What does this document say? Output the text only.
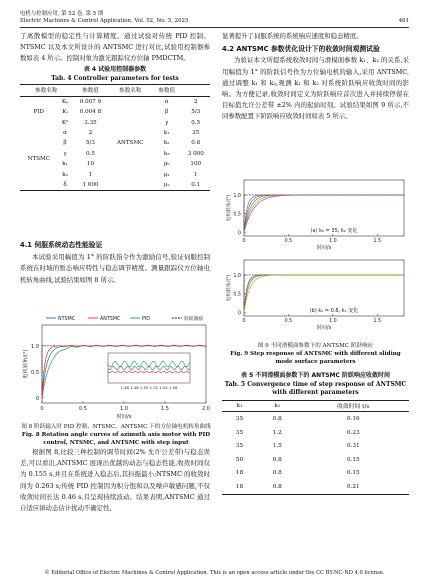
电机与控制应用, 第 52 卷, 第 5 期
Electric Machines & Control Application, Vol. 52, No. 5, 2025	461

了离散模型的稳定性与计算精度。通过试验对传统 PID 控制、NTSMC 以及本文所设计的 ANTSMC 进行对比,试验用控制器参数如表 4 所示。控制对象为激光跟踪仪方位轴 PMDCTM。

表 4 试验用控制器参数
Tab. 4 Controller parameters for tests
参数名称		参数值	参数名称	参数值	
PID	Kₚ	0.007 9	ANTSMC	α	2
	Kᵢ	0.004 8		β	5/3
	Kᵈ	3.35		γ	0.5
NTSMC	α	2		k₁	35
	β	5/3		k₂	0.8
	γ	0.5		k₃	3 000
	k₁	10		μ₀	100
	k₂	1		μ₁	1
	δ	1 000		μ₂	0.1
4.1 伺服系统动态性能验证

本试验采用幅值为 1° 的阶跃指令作为激励信号,验证伺服控制系统在时域的暂态响应特性与稳态调节精度。测量跟踪仪方位轴电机转角曲线,试验结果如图 8 所示。

NTSMC	ANTSMC	PID	阶跃激励
0	0.5	1.0	1.5	2.0
0
0.5
1.0
时间/s
电机转角/(°)
1.46 1.48 1.50 1.52 1.54 1.56
图 8 阶跃输入时 PID 控制、NTSMC、ANTSMC 下的方位轴电机转角曲线
Fig. 8 Rotation angle curves of azimuth axis motor with PID control, NTSMC, and ANTSMC with step input

根据图 8,比较三种控制的调节时间(2% 允许公差带)与稳态误差,可以看出,ANTSMC 展现出优越的动态与稳态性能,收敛时间仅为 0.155 s,并且在系统进入稳态后,其抖振最小;NTSMC 的收敛时间为 0.263 s;传统 PID 控制因为积分饱和以及噪声敏感问题,不仅收敛时间长达 0.46 s,且呈现持续波动。结果表明,ANTSMC 通过自适应律动态估计扰动不确定性,

显著提升了伺服系统的系统响应速度和稳态精度。

4.2 ANTSMC 参数优化设计下的收敛时间观测试验

为验证本文所提系统收敛时间与滑模面参数 k₁、k₂ 的关系,采用幅值为 1° 的阶跃信号作为方位轴电机的输入,采用 ANTSMC,通过调整 k₁ 和 k₂,观测 k₁ 和 k₂ 对系统阶跃响应收敛时间的影响。为方便记录,收敛时间定义为阶跃响应首次进入并持续停留在目标值允许公差带 ±2% 内的起始时刻。试验结果如图 9 所示,不同参数配置下阶跃响应收敛时间如表 5 所示。

0	0.5	1.0	1.5
0
0.5
1.0
时间/s
电机转角/(°)
(a) k₂ = 35, k₂ 变化
0	0.5	1.0	1.5
0
0.5
1.0
时间/s
电机转角/(°)
(b) k₂ = 0.8, k₁ 变化
图 9 不同滑模面参数下的 ANTSMC 阶跃响应
Fig. 9 Step response of ANTSMC with different sliding mode surface parameters
表 5 不同滑模面参数下的 ANTSMC 阶跃响应收敛时间
Tab. 5 Convergence time of step response of ANTSMC with different parameters
k₁	k₂	收敛时间 t/s
35	0.8	0.16
35	1.2	0.23
35	1.5	0.31
50	0.8	0.15
18	0.8	0.15
18	0.8	0.21
© Editorial Office of Electric Machines & Control Application. This is an open access article under the CC BY-NC-ND 4.0 license.
